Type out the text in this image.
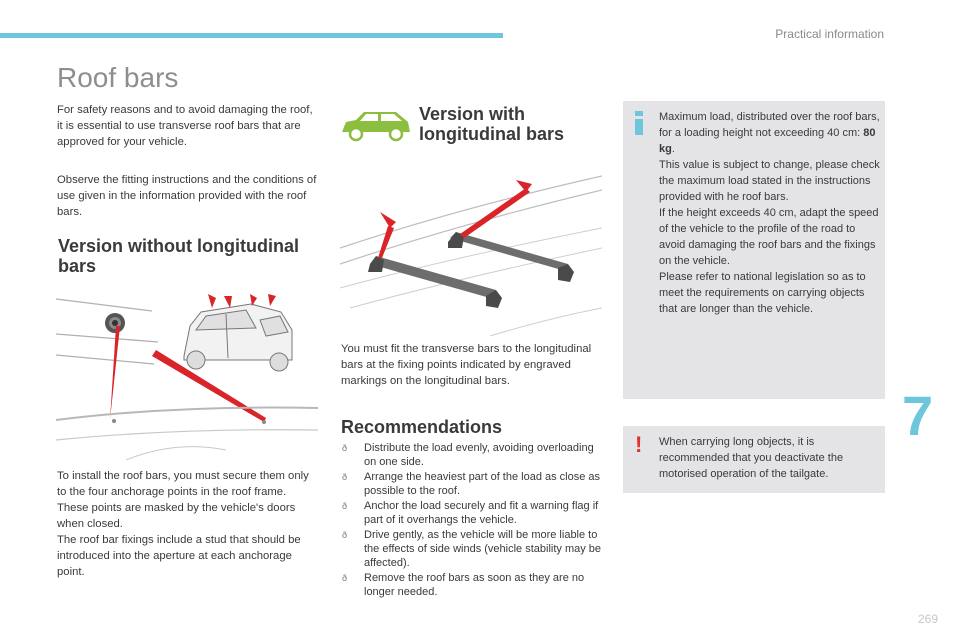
Practical information
Roof bars
For safety reasons and to avoid damaging the roof, it is essential to use transverse roof bars that are approved for your vehicle.
Observe the fitting instructions and the conditions of use given in the information provided with the roof bars.
Version without longitudinal bars

To install the roof bars, you must secure them only to the four anchorage points in the roof frame. These points are masked by the vehicle's doors when closed.

The roof bar fixings include a stud that should be introduced into the aperture at each anchorage point.

Version with longitudinal bars
You must fit the transverse bars to the longitudinal bars at the fixing points indicated by engraved markings on the longitudinal bars.
Recommendations
ð Distribute the load evenly, avoiding overloading on one side.
ð Arrange the heaviest part of the load as close as possible to the roof.
ð Anchor the load securely and fit a warning flag if part of it overhangs the vehicle.
ð Drive gently, as the vehicle will be more liable to the effects of side winds (vehicle stability may be affected).
ð Remove the roof bars as soon as they are no longer needed.

Maximum load, distributed over the roof bars, for a loading height not exceeding 40 cm: 80 kg.

This value is subject to change, please check the maximum load stated in the instructions provided with he roof bars.

If the height exceeds 40 cm, adapt the speed of the vehicle to the profile of the road to avoid damaging the roof bars and the fixings on the vehicle.

Please refer to national legislation so as to meet the requirements on carrying objects that are longer than the vehicle.

! When carrying long objects, it is recommended that you deactivate the motorised operation of the tailgate.
7
269
